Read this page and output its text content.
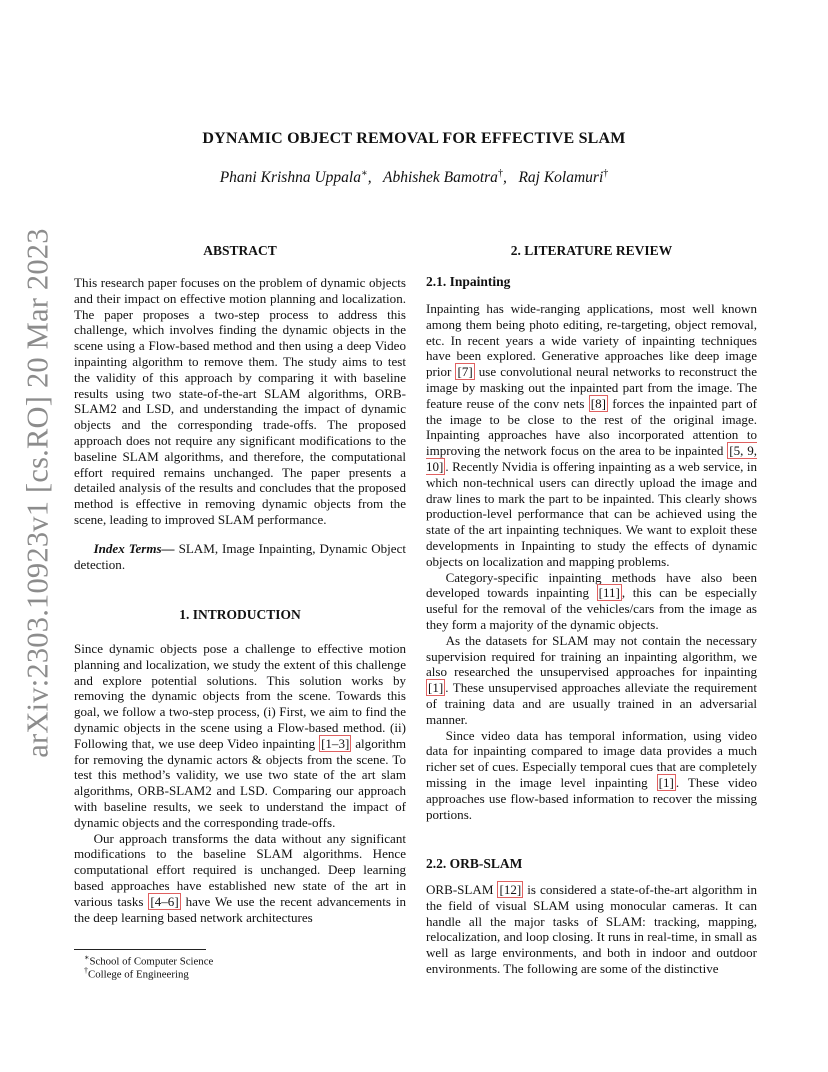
arXiv:2303.10923v1 [cs.RO] 20 Mar 2023
DYNAMIC OBJECT REMOVAL FOR EFFECTIVE SLAM
Phani Krishna Uppala∗,   Abhishek Bamotra†,   Raj Kolamuri†
ABSTRACT

This research paper focuses on the problem of dynamic objects and their impact on effective motion planning and localization. The paper proposes a two-step process to address this challenge, which involves finding the dynamic objects in the scene using a Flow-based method and then using a deep Video inpainting algorithm to remove them. The study aims to test the validity of this approach by comparing it with baseline results using two state-of-the-art SLAM algorithms, ORB-SLAM2 and LSD, and understanding the impact of dynamic objects and the corresponding trade-offs. The proposed approach does not require any significant modifications to the baseline SLAM algorithms, and therefore, the computational effort required remains unchanged. The paper presents a detailed analysis of the results and concludes that the proposed method is effective in removing dynamic objects from the scene, leading to improved SLAM performance.

Index Terms— SLAM, Image Inpainting, Dynamic Object detection.

1. INTRODUCTION

Since dynamic objects pose a challenge to effective motion planning and localization, we study the extent of this challenge and explore potential solutions. This solution works by removing the dynamic objects from the scene. Towards this goal, we follow a two-step process, (i) First, we aim to find the dynamic objects in the scene using a Flow-based method. (ii) Following that, we use deep Video inpainting [1–3] algorithm for removing the dynamic actors & objects from the scene. To test this method’s validity, we use two state of the art slam algorithms, ORB-SLAM2 and LSD. Comparing our approach with baseline results, we seek to understand the impact of dynamic objects and the corresponding trade-offs.

Our approach transforms the data without any significant modifications to the baseline SLAM algorithms. Hence computational effort required is unchanged. Deep learning based approaches have established new state of the art in various tasks [4–6] have We use the recent advancements in the deep learning based network architectures

∗School of Computer Science
†College of Engineering
2. LITERATURE REVIEW
2.1. Inpainting

Inpainting has wide-ranging applications, most well known among them being photo editing, re-targeting, object removal, etc. In recent years a wide variety of inpainting techniques have been explored. Generative approaches like deep image prior [7] use convolutional neural networks to reconstruct the image by masking out the inpainted part from the image. The feature reuse of the conv nets [8] forces the inpainted part of the image to be close to the rest of the original image. Inpainting approaches have also incorporated attention to improving the network focus on the area to be inpainted [5, 9, 10] . Recently Nvidia is offering inpainting as a web service, in which non-technical users can directly upload the image and draw lines to mark the part to be inpainted. This clearly shows production-level performance that can be achieved using the state of the art inpainting techniques. We want to exploit these developments in Inpainting to study the effects of dynamic objects on localization and mapping problems.

Category-specific inpainting methods have also been developed towards inpainting [11] , this can be especially useful for the removal of the vehicles/cars from the image as they form a majority of the dynamic objects.

As the datasets for SLAM may not contain the necessary supervision required for training an inpainting algorithm, we also researched the unsupervised approaches for inpainting [1] . These unsupervised approaches alleviate the requirement of training data and are usually trained in an adversarial manner.

Since video data has temporal information, using video data for inpainting compared to image data provides a much richer set of cues. Especially temporal cues that are completely missing in the image level inpainting [1] . These video approaches use flow-based information to recover the missing portions.

2.2. ORB-SLAM

ORB-SLAM [12] is considered a state-of-the-art algorithm in the field of visual SLAM using monocular cameras. It can handle all the major tasks of SLAM: tracking, mapping, relocalization, and loop closing. It runs in real-time, in small as well as large environments, and both in indoor and outdoor environments. The following are some of the distinctive
